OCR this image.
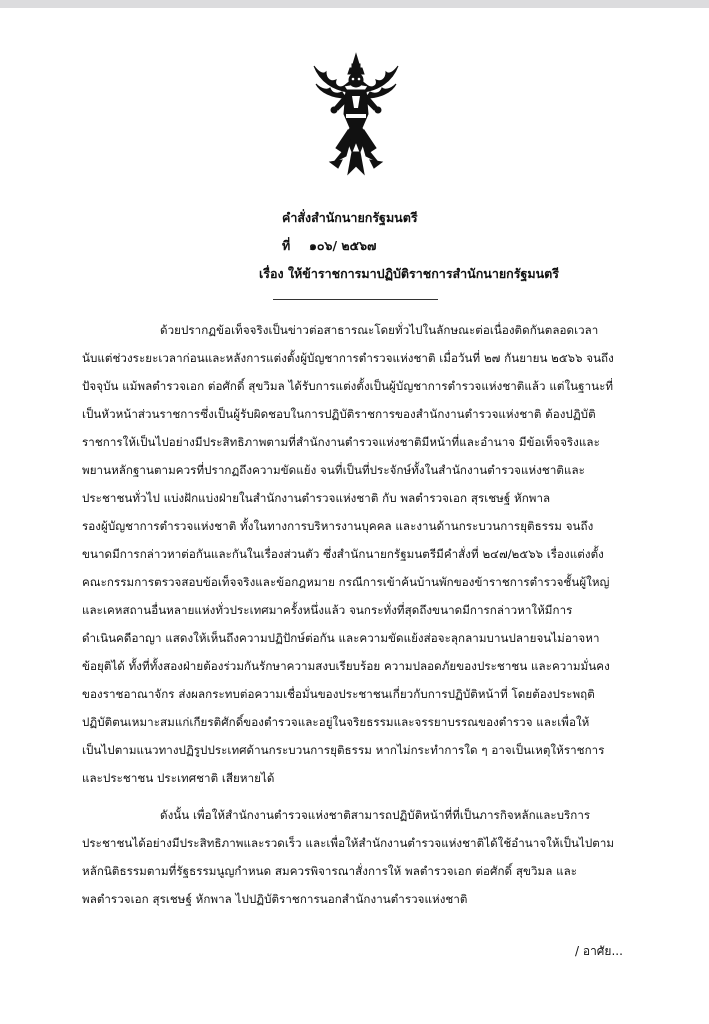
คำสั่งสำนักนายกรัฐมนตรี
ที่ ๑๐๖/ ๒๕๖๗
เรื่อง ให้ข้าราชการมาปฏิบัติราชการสำนักนายกรัฐมนตรี
ด้วยปรากฏข้อเท็จจริงเป็นข่าวต่อสาธารณะโดยทั่วไปในลักษณะต่อเนื่องติดกันตลอดเวลา
นับแต่ช่วงระยะเวลาก่อนและหลังการแต่งตั้งผู้บัญชาการตำรวจแห่งชาติ เมื่อวันที่ ๒๗ กันยายน ๒๕๖๖ จนถึง
ปัจจุบัน แม้พลตำรวจเอก ต่อศักดิ์ สุขวิมล ได้รับการแต่งตั้งเป็นผู้บัญชาการตำรวจแห่งชาติแล้ว แต่ในฐานะที่
เป็นหัวหน้าส่วนราชการซึ่งเป็นผู้รับผิดชอบในการปฏิบัติราชการของสำนักงานตำรวจแห่งชาติ ต้องปฏิบัติ
ราชการให้เป็นไปอย่างมีประสิทธิภาพตามที่สำนักงานตำรวจแห่งชาติมีหน้าที่และอำนาจ มีข้อเท็จจริงและ
พยานหลักฐานตามควรที่ปรากฏถึงความขัดแย้ง จนที่เป็นที่ประจักษ์ทั้งในสำนักงานตำรวจแห่งชาติและ
ประชาชนทั่วไป แบ่งฝักแบ่งฝ่ายในสำนักงานตำรวจแห่งชาติ กับ พลตำรวจเอก สุรเชษฐ์ หักพาล
รองผู้บัญชาการตำรวจแห่งชาติ ทั้งในทางการบริหารงานบุคคล และงานด้านกระบวนการยุติธรรม จนถึง
ขนาดมีการกล่าวหาต่อกันและกันในเรื่องส่วนตัว ซึ่งสำนักนายกรัฐมนตรีมีคำสั่งที่ ๒๔๗/๒๕๖๖ เรื่องแต่งตั้ง
คณะกรรมการตรวจสอบข้อเท็จจริงและข้อกฎหมาย กรณีการเข้าค้นบ้านพักของข้าราชการตำรวจชั้นผู้ใหญ่
และเคหสถานอื่นหลายแห่งทั่วประเทศมาครั้งหนึ่งแล้ว จนกระทั่งที่สุดถึงขนาดมีการกล่าวหาให้มีการ
ดำเนินคดีอาญา แสดงให้เห็นถึงความปฏิปักษ์ต่อกัน และความขัดแย้งส่อจะลุกลามบานปลายจนไม่อาจหา
ข้อยุติได้ ทั้งที่ทั้งสองฝ่ายต้องร่วมกันรักษาความสงบเรียบร้อย ความปลอดภัยของประชาชน และความมั่นคง
ของราชอาณาจักร ส่งผลกระทบต่อความเชื่อมั่นของประชาชนเกี่ยวกับการปฏิบัติหน้าที่ โดยต้องประพฤติ
ปฏิบัติตนเหมาะสมแก่เกียรติศักดิ์ของตำรวจและอยู่ในจริยธรรมและจรรยาบรรณของตำรวจ และเพื่อให้
เป็นไปตามแนวทางปฏิรูปประเทศด้านกระบวนการยุติธรรม หากไม่กระทำการใด ๆ อาจเป็นเหตุให้ราชการ
และประชาชน ประเทศชาติ เสียหายได้
ดังนั้น เพื่อให้สำนักงานตำรวจแห่งชาติสามารถปฏิบัติหน้าที่ที่เป็นภารกิจหลักและบริการ
ประชาชนได้อย่างมีประสิทธิภาพและรวดเร็ว และเพื่อให้สำนักงานตำรวจแห่งชาติได้ใช้อำนาจให้เป็นไปตาม
หลักนิติธรรมตามที่รัฐธรรมนูญกำหนด สมควรพิจารณาสั่งการให้ พลตำรวจเอก ต่อศักดิ์ สุขวิมล และ
พลตำรวจเอก สุรเชษฐ์ หักพาล ไปปฏิบัติราชการนอกสำนักงานตำรวจแห่งชาติ
/ อาศัย...
